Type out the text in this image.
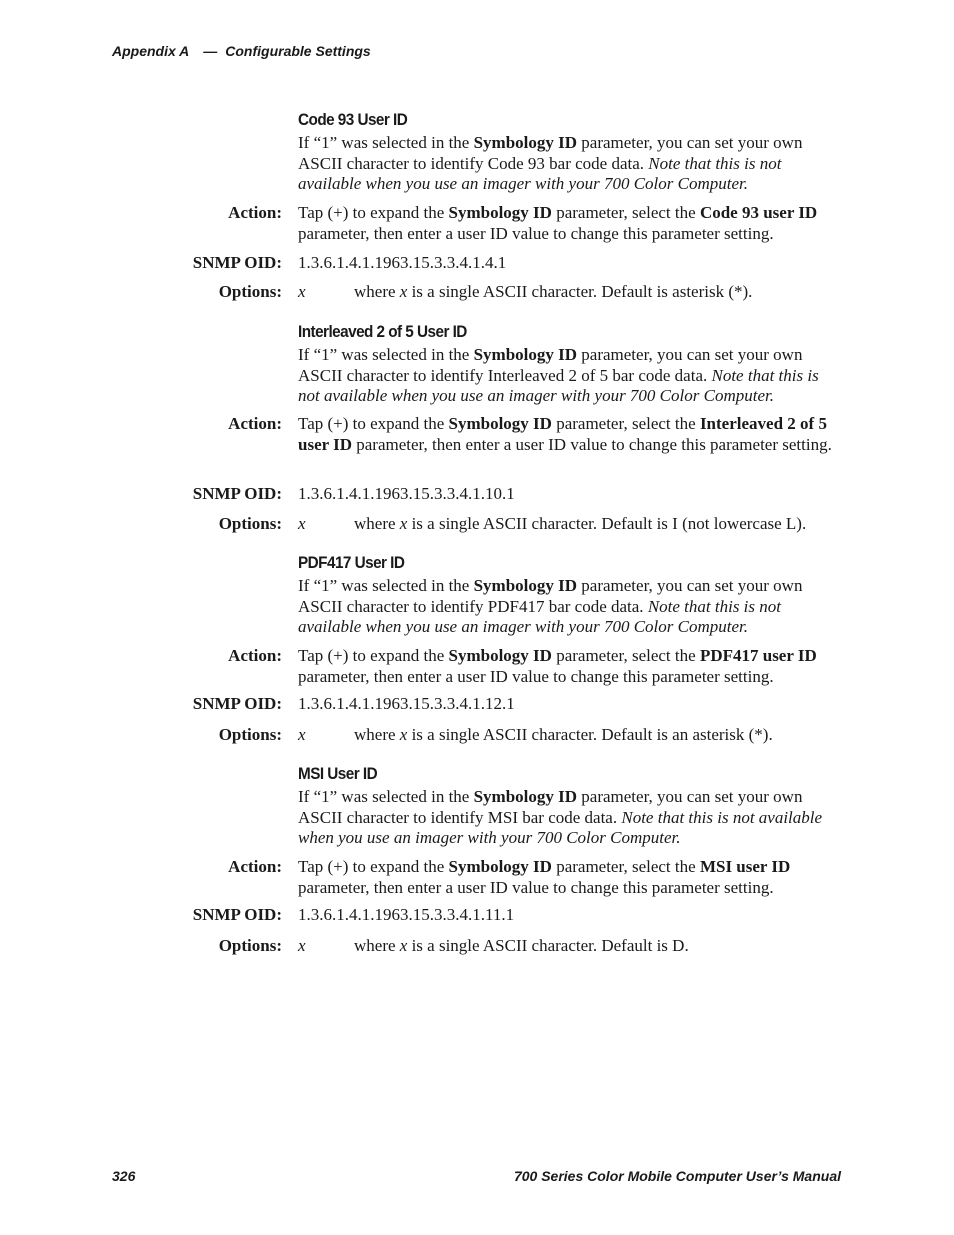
Appendix A — Configurable Settings
Code 93 User ID
If “1” was selected in the Symbology ID parameter, you can set your own ASCII character to identify Code 93 bar code data. Note that this is not available when you use an imager with your 700 Color Computer.
Action: Tap (+) to expand the Symbology ID parameter, select the Code 93 user ID parameter, then enter a user ID value to change this parameter setting.
SNMP OID: 1.3.6.1.4.1.1963.15.3.3.4.1.4.1
Options: x	where x is a single ASCII character. Default is asterisk (*).
Interleaved 2 of 5 User ID
If “1” was selected in the Symbology ID parameter, you can set your own ASCII character to identify Interleaved 2 of 5 bar code data. Note that this is not available when you use an imager with your 700 Color Computer.
Action: Tap (+) to expand the Symbology ID parameter, select the Interleaved 2 of 5 user ID parameter, then enter a user ID value to change this parameter setting.
SNMP OID: 1.3.6.1.4.1.1963.15.3.3.4.1.10.1
Options: x	where x is a single ASCII character. Default is I (not lowercase L).
PDF417 User ID
If “1” was selected in the Symbology ID parameter, you can set your own ASCII character to identify PDF417 bar code data. Note that this is not available when you use an imager with your 700 Color Computer.
Action: Tap (+) to expand the Symbology ID parameter, select the PDF417 user ID parameter, then enter a user ID value to change this parameter setting.
SNMP OID: 1.3.6.1.4.1.1963.15.3.3.4.1.12.1
Options: x	where x is a single ASCII character. Default is an asterisk (*).
MSI User ID
If “1” was selected in the Symbology ID parameter, you can set your own ASCII character to identify MSI bar code data. Note that this is not available when you use an imager with your 700 Color Computer.
Action: Tap (+) to expand the Symbology ID parameter, select the MSI user ID parameter, then enter a user ID value to change this parameter setting.
SNMP OID: 1.3.6.1.4.1.1963.15.3.3.4.1.11.1
Options: x	where x is a single ASCII character. Default is D.
326	700 Series Color Mobile Computer User’s Manual
